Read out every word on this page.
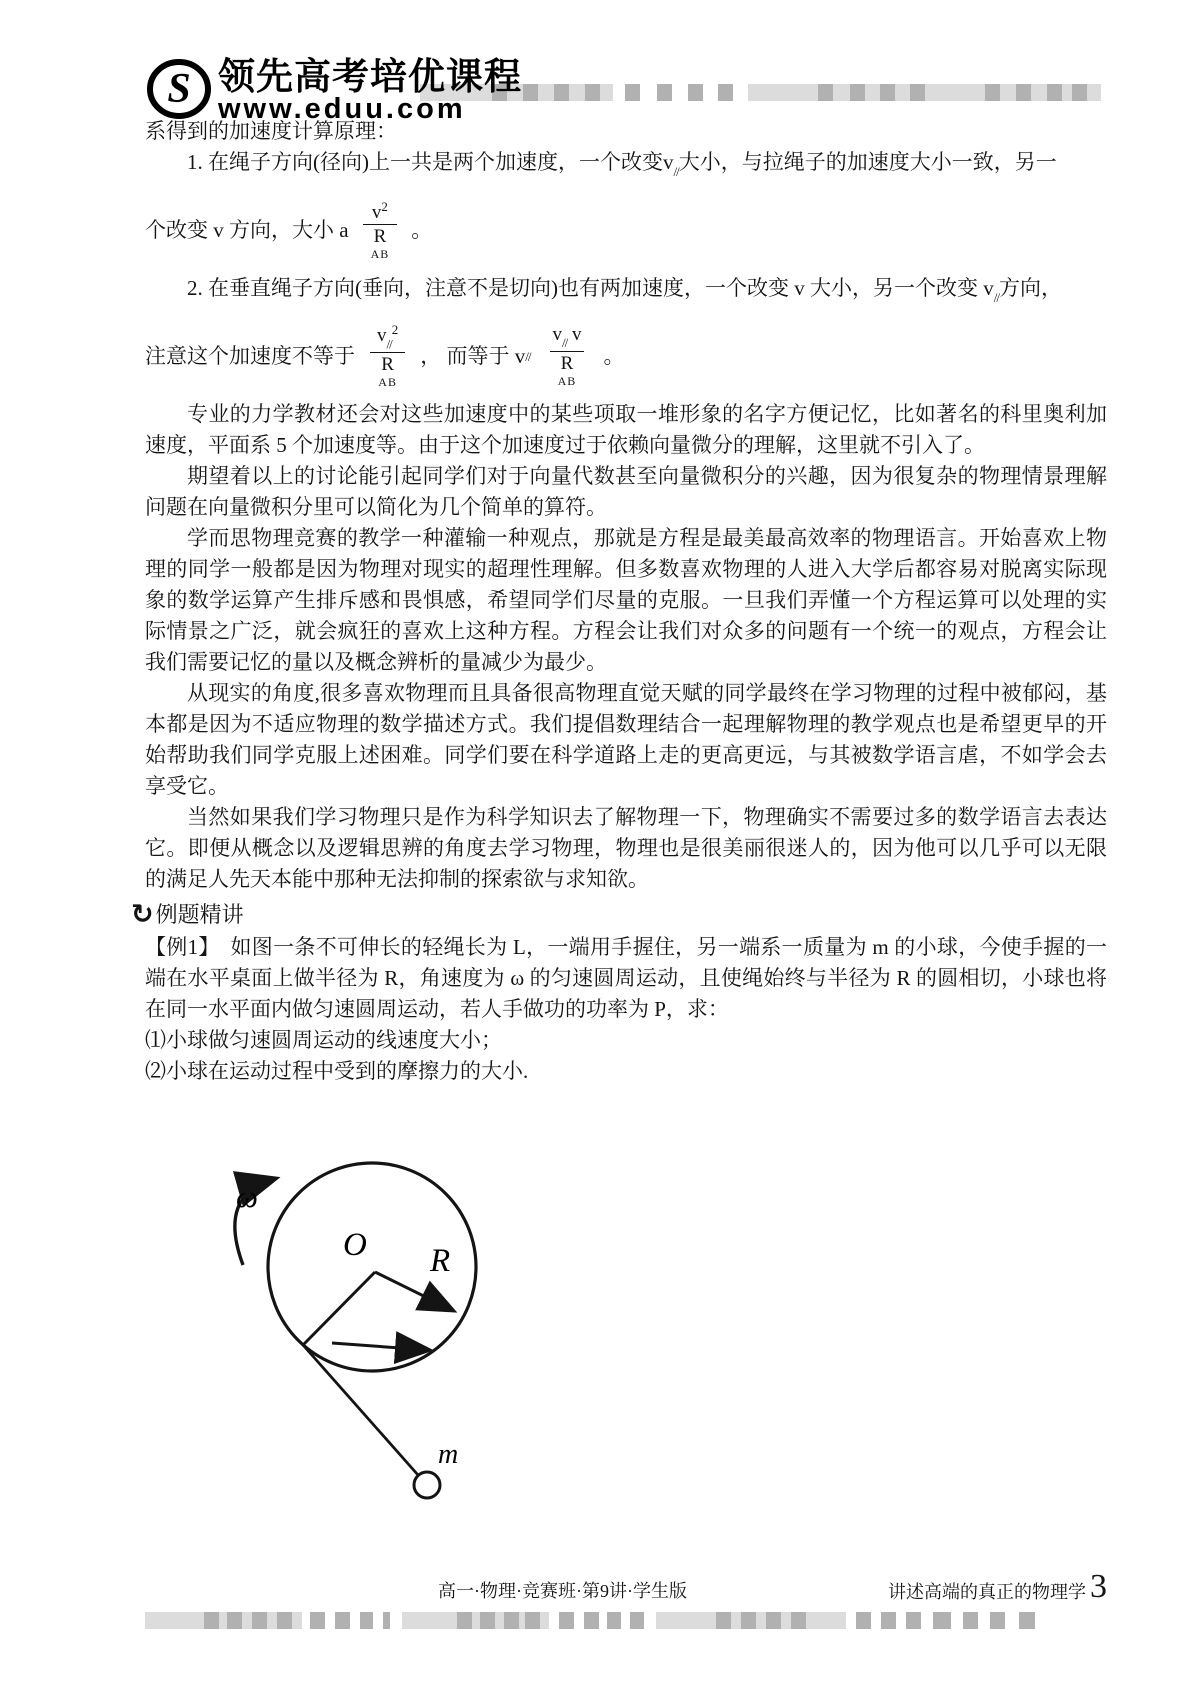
S 领先高考培优课程
www.eduu.com

系得到的加速度计算原理：

1. 在绳子方向(径向)上一共是两个加速度，一个改变$v_{//}$大小，与拉绳子的加速度大小一致，另一

个改变 v 方向，大小 a $v^2$
R
AB 。

2. 在垂直绳子方向(垂向，注意不是切向)也有两加速度，一个改变 v 大小，另一个改变 $v_{//}$方向，

注意这个加速度不等于 $v_{//}^2$
R
AB ， 而等于 v // $v_{//}$ v
R
AB 。

专业的力学教材还会对这些加速度中的某些项取一堆形象的名字方便记忆，比如著名的科里奥利加速度，平面系 5 个加速度等。由于这个加速度过于依赖向量微分的理解，这里就不引入了。

期望着以上的讨论能引起同学们对于向量代数甚至向量微积分的兴趣，因为很复杂的物理情景理解问题在向量微积分里可以简化为几个简单的算符。

学而思物理竞赛的教学一种灌输一种观点，那就是方程是最美最高效率的物理语言。开始喜欢上物理的同学一般都是因为物理对现实的超理性理解。但多数喜欢物理的人进入大学后都容易对脱离实际现象的数学运算产生排斥感和畏惧感，希望同学们尽量的克服。一旦我们弄懂一个方程运算可以处理的实际情景之广泛，就会疯狂的喜欢上这种方程。方程会让我们对众多的问题有一个统一的观点，方程会让我们需要记忆的量以及概念辨析的量减少为最少。

从现实的角度,很多喜欢物理而且具备很高物理直觉天赋的同学最终在学习物理的过程中被郁闷，基本都是因为不适应物理的数学描述方式。我们提倡数理结合一起理解物理的教学观点也是希望更早的开始帮助我们同学克服上述困难。同学们要在科学道路上走的更高更远，与其被数学语言虐，不如学会去享受它。

当然如果我们学习物理只是作为科学知识去了解物理一下，物理确实不需要过多的数学语言去表达它。即便从概念以及逻辑思辨的角度去学习物理，物理也是很美丽很迷人的，因为他可以几乎可以无限的满足人先天本能中那种无法抑制的探索欲与求知欲。

↻ 例题精讲

【例1】　如图一条不可伸长的轻绳长为 L，一端用手握住，另一端系一质量为 m 的小球，今使手握的一端在水平桌面上做半径为 R，角速度为 ω 的匀速圆周运动，且使绳始终与半径为 R 的圆相切，小球也将在同一水平面内做匀速圆周运动，若人手做功的功率为 P，求：

⑴小球做匀速圆周运动的线速度大小；

⑵小球在运动过程中受到的摩擦力的大小.

ω
O R
m
高一·物理·竞赛班·第9讲·学生版	讲述高端的真正的物理学 3
